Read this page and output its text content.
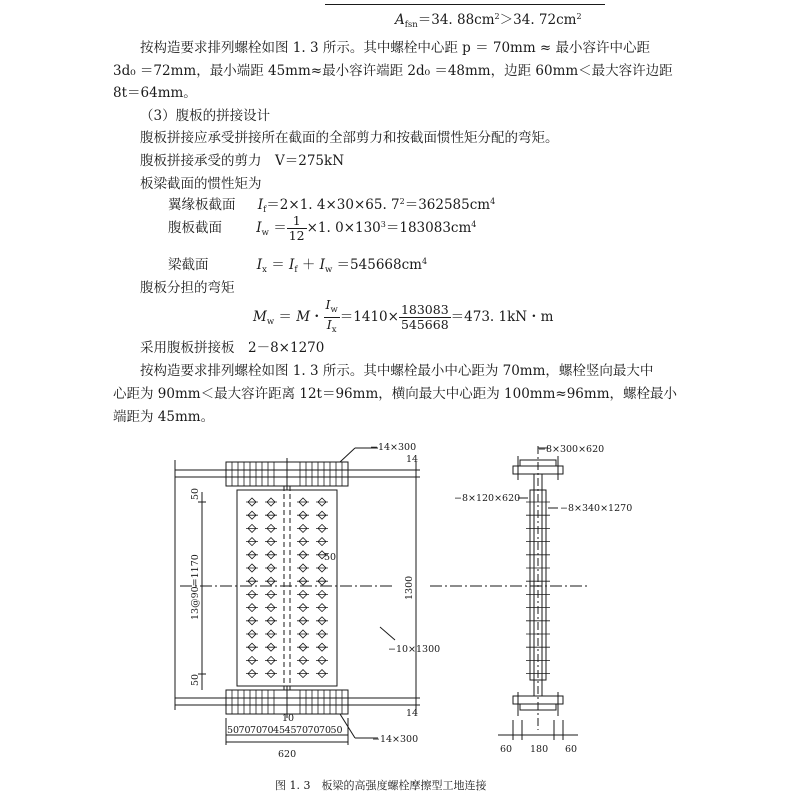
$A_{fsn}=34$. $88cm^2>34$. $72cm^2$
按构造要求排列螺栓如图 1. 3 所示。其中螺栓中心距 p ＝ 70mm ≈ 最小容许中心距
3d₀ ＝72mm，最小端距 45mm≈最小容许端距 2d₀ ＝48mm，边距 60mm＜最大容许边距
8t＝64mm。
（3）腹板的拼接设计
腹板拼接应承受拼接所在截面的全部剪力和按截面惯性矩分配的弯矩。
腹板拼接承受的剪力　V＝275kN
板梁截面的惯性矩为
翼缘板截面 $I_f=2\times 1$. 4×30×65. $7^2=362585cm^4$
腹板截面	$I_w = \frac{1}{12} \times 1$. $0\times 130^3=183083cm^4$
梁截面	$I_x = I_f + I_w =545668cm^4$
腹板分担的弯矩
$M_w = M$・ $\frac{I_w}{I_x} =1410\times \frac{183083}{545668} =473$. 1kN・m
采用腹板拼接板　2－8×1270
按构造要求排列螺栓如图 1. 3 所示。其中螺栓最小中心距为 70mm，螺栓竖向最大中
心距为 90mm＜最大容许距离 12t＝96mm，横向最大中心距为 100mm≈96mm，螺栓最小
端距为 45mm。
−14×300
−14×300
−10×1300
14
14
1300
50
50
13@90=1170	50
10
50 70 70 70 45 45 70 70 70 50
620
−8×300×620
−8×120×620
−8×340×1270
60 180 60
图 1. 3　板梁的高强度螺栓摩擦型工地连接
